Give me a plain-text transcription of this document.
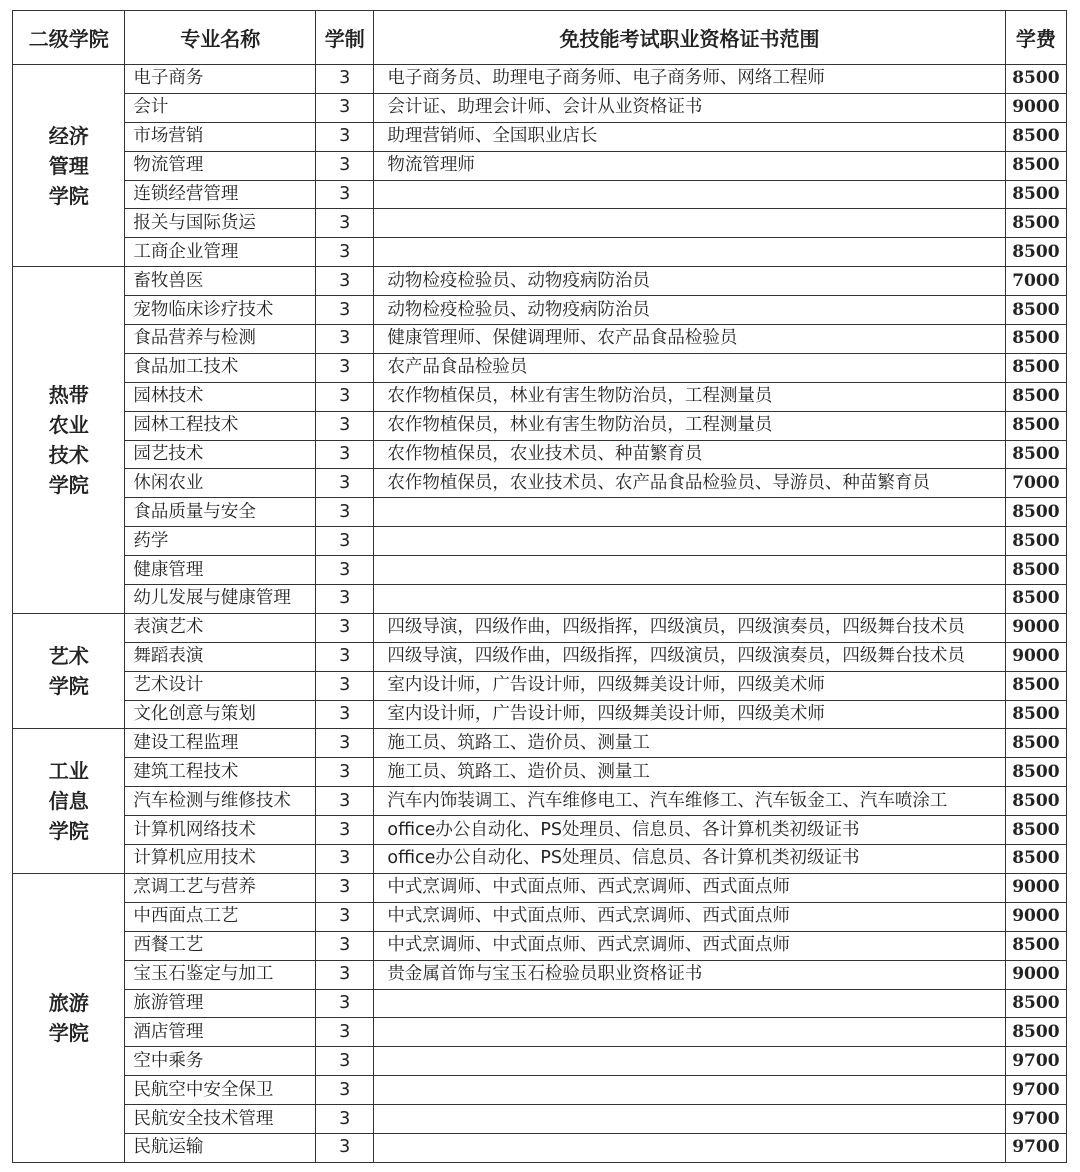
二级学院	专业名称	学制	免技能考试职业资格证书范围	学费

经济
管理
学院	电子商务	3	电子商务员、助理电子商务师、电子商务师、网络工程师	8500
	会计	3	会计证、助理会计师、会计从业资格证书	9000
	市场营销	3	助理营销师、全国职业店长	8500
	物流管理	3	物流管理师	8500
	连锁经营管理	3		8500
	报关与国际货运	3		8500
	工商企业管理	3		8500

热带
农业
技术
学院	畜牧兽医	3	动物检疫检验员、动物疫病防治员	7000
	宠物临床诊疗技术	3	动物检疫检验员、动物疫病防治员	8500
	食品营养与检测	3	健康管理师、保健调理师、农产品食品检验员	8500
	食品加工技术	3	农产品食品检验员	8500
	园林技术	3	农作物植保员，林业有害生物防治员，工程测量员	8500
	园林工程技术	3	农作物植保员，林业有害生物防治员，工程测量员	8500
	园艺技术	3	农作物植保员，农业技术员、种苗繁育员	8500
	休闲农业	3	农作物植保员，农业技术员、农产品食品检验员、导游员、种苗繁育员	7000
	食品质量与安全	3		8500
	药学	3		8500
	健康管理	3		8500
	幼儿发展与健康管理	3		8500

艺术
学院	表演艺术	3	四级导演，四级作曲，四级指挥，四级演员，四级演奏员，四级舞台技术员	9000
	舞蹈表演	3	四级导演，四级作曲，四级指挥，四级演员，四级演奏员，四级舞台技术员	9000
	艺术设计	3	室内设计师，广告设计师，四级舞美设计师，四级美术师	8500
	文化创意与策划	3	室内设计师，广告设计师，四级舞美设计师，四级美术师	8500

工业
信息
学院	建设工程监理	3	施工员、筑路工、造价员、测量工	8500
	建筑工程技术	3	施工员、筑路工、造价员、测量工	8500
	汽车检测与维修技术	3	汽车内饰装调工、汽车维修电工、汽车维修工、汽车钣金工、汽车喷涂工	8500
	计算机网络技术	3	office办公自动化、PS处理员、信息员、各计算机类初级证书	8500
	计算机应用技术	3	office办公自动化、PS处理员、信息员、各计算机类初级证书	8500

旅游
学院	烹调工艺与营养	3	中式烹调师、中式面点师、西式烹调师、西式面点师	9000
	中西面点工艺	3	中式烹调师、中式面点师、西式烹调师、西式面点师	9000
	西餐工艺	3	中式烹调师、中式面点师、西式烹调师、西式面点师	8500
	宝玉石鉴定与加工	3	贵金属首饰与宝玉石检验员职业资格证书	9000
	旅游管理	3		8500
	酒店管理	3		8500
	空中乘务	3		9700
	民航空中安全保卫	3		9700
	民航安全技术管理	3		9700
	民航运输	3		9700
